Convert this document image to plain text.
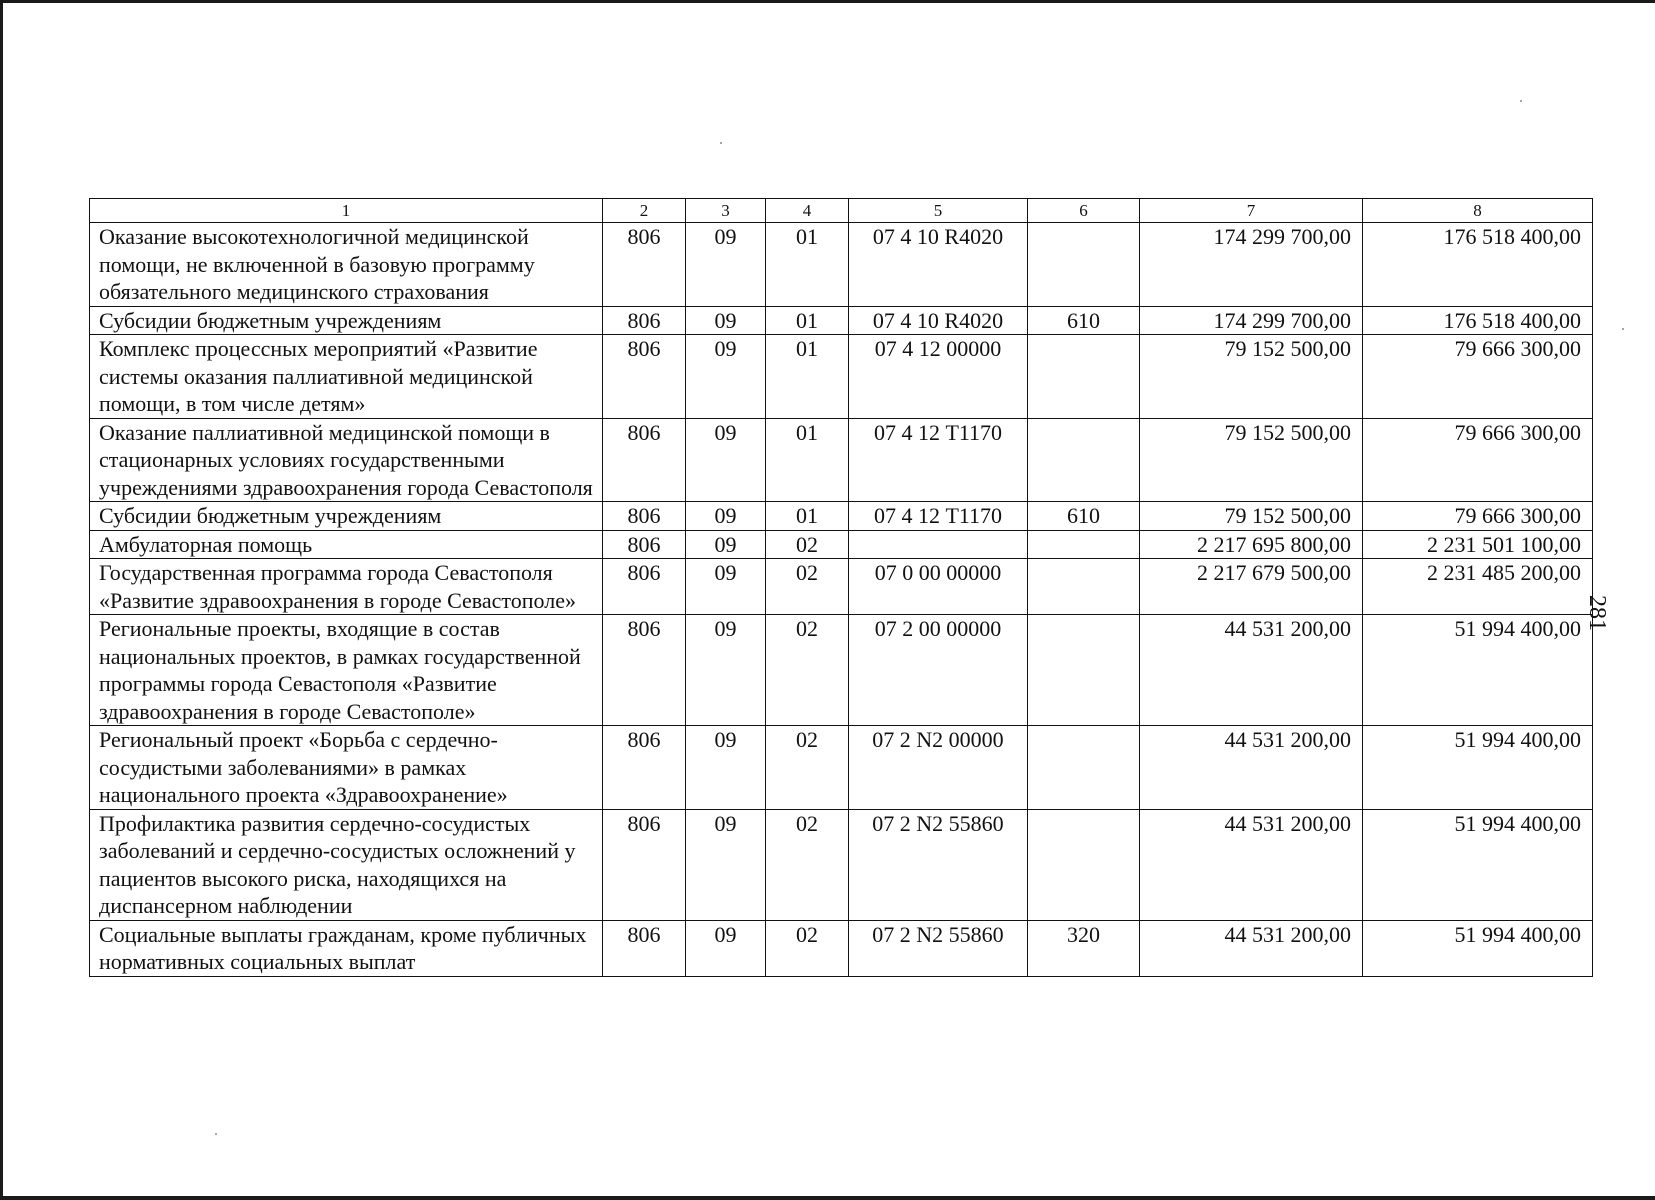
1	2	3	4	5	6	7	8
Оказание высокотехнологичной медицинской помощи, не включенной в базовую программу обязательного медицинского страхования	806	09	01	07 4 10 R4020		174 299 700,00	176 518 400,00
Субсидии бюджетным учреждениям	806	09	01	07 4 10 R4020	610	174 299 700,00	176 518 400,00
Комплекс процессных мероприятий «Развитие системы оказания паллиативной медицинской помощи, в том числе детям»	806	09	01	07 4 12 00000		79 152 500,00	79 666 300,00
Оказание паллиативной медицинской помощи в стационарных условиях государственными учреждениями здравоохранения города Севастополя	806	09	01	07 4 12 Т1170		79 152 500,00	79 666 300,00
Субсидии бюджетным учреждениям	806	09	01	07 4 12 Т1170	610	79 152 500,00	79 666 300,00
Амбулаторная помощь	806	09	02			2 217 695 800,00	2 231 501 100,00
Государственная программа города Севастополя «Развитие здравоохранения в городе Севастополе»	806	09	02	07 0 00 00000		2 217 679 500,00	2 231 485 200,00
Региональные проекты, входящие в состав национальных проектов, в рамках государственной программы города Севастополя «Развитие здравоохранения в городе Севастополе»	806	09	02	07 2 00 00000		44 531 200,00	51 994 400,00
Региональный проект «Борьба с сердечно-сосудистыми заболеваниями» в рамках национального проекта «Здравоохранение»	806	09	02	07 2 N2 00000		44 531 200,00	51 994 400,00
Профилактика развития сердечно-сосудистых заболеваний и сердечно-сосудистых осложнений у пациентов высокого риска, находящихся на диспансерном наблюдении	806	09	02	07 2 N2 55860		44 531 200,00	51 994 400,00
Социальные выплаты гражданам, кроме публичных нормативных социальных выплат	806	09	02	07 2 N2 55860	320	44 531 200,00	51 994 400,00
281
